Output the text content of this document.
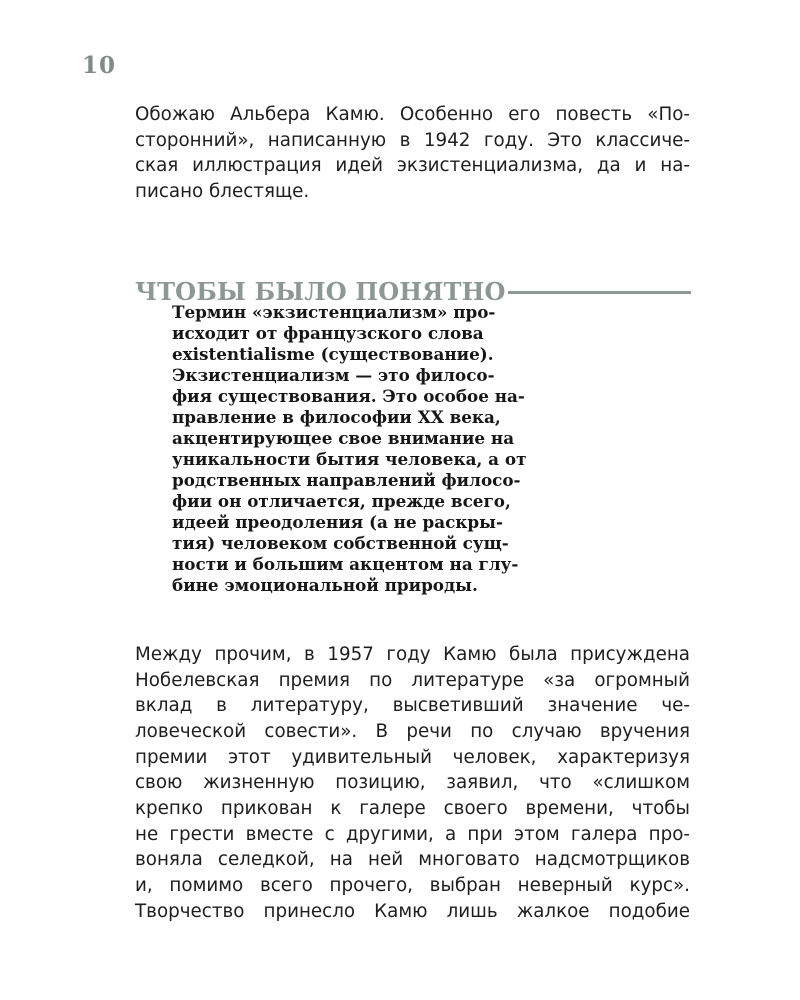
10

Обожаю Альбера Камю. Особенно его повесть «По-

сторонний», написанную в 1942 году. Это классиче-

ская иллюстрация идей экзистенциализма, да и на-

писано блестяще.

ЧТОБЫ БЫЛО ПОНЯТНО

Термин «экзистенциализм» про-

исходит от французского слова

existentialisme (существование).

Экзистенциализм — это филосо-

фия существования. Это особое на-

правление в философии XX века,

акцентирующее свое внимание на

уникальности бытия человека, а от

родственных направлений филосо-

фии он отличается, прежде всего,

идеей преодоления (а не раскры-

тия) человеком собственной сущ-

ности и большим акцентом на глу-

бине эмоциональной природы.

Между прочим, в 1957 году Камю была присуждена

Нобелевская премия по литературе «за огромный

вклад в литературу, высветивший значение че-

ловеческой совести». В речи по случаю вручения

премии этот удивительный человек, характеризуя

свою жизненную позицию, заявил, что «слишком

крепко прикован к галере своего времени, чтобы

не грести вместе с другими, а при этом галера про-

воняла селедкой, на ней многовато надсмотрщиков

и, помимо всего прочего, выбран неверный курс».

Творчество принесло Камю лишь жалкое подобие
